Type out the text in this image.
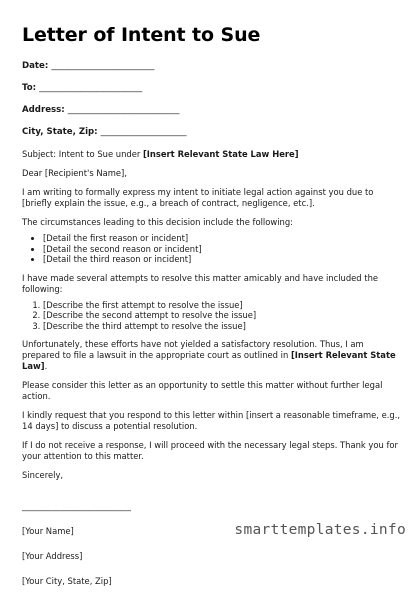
Letter of Intent to Sue
Date: ________________________
To: ________________________
Address: __________________________
City, State, Zip: ____________________

Subject: Intent to Sue under [Insert Relevant State Law Here]

Dear [Recipient's Name],

I am writing to formally express my intent to initiate legal action against you due to [briefly explain the issue, e.g., a breach of contract, negligence, etc.].

The circumstances leading to this decision include the following:

• [Detail the first reason or incident]
• [Detail the second reason or incident]
• [Detail the third reason or incident]

I have made several attempts to resolve this matter amicably and have included the following:

1. [Describe the first attempt to resolve the issue]
2. [Describe the second attempt to resolve the issue]
3. [Describe the third attempt to resolve the issue]

Unfortunately, these efforts have not yielded a satisfactory resolution. Thus, I am prepared to file a lawsuit in the appropriate court as outlined in [Insert Relevant State Law].

Please consider this letter as an opportunity to settle this matter without further legal action.

I kindly request that you respond to this letter within [insert a reasonable timeframe, e.g., 14 days] to discuss a potential resolution.

If I do not receive a response, I will proceed with the necessary legal steps. Thank you for your attention to this matter.

Sincerely,

__________________________

[Your Name]

[Your Address]

[Your City, State, Zip]

smarttemplates.info
